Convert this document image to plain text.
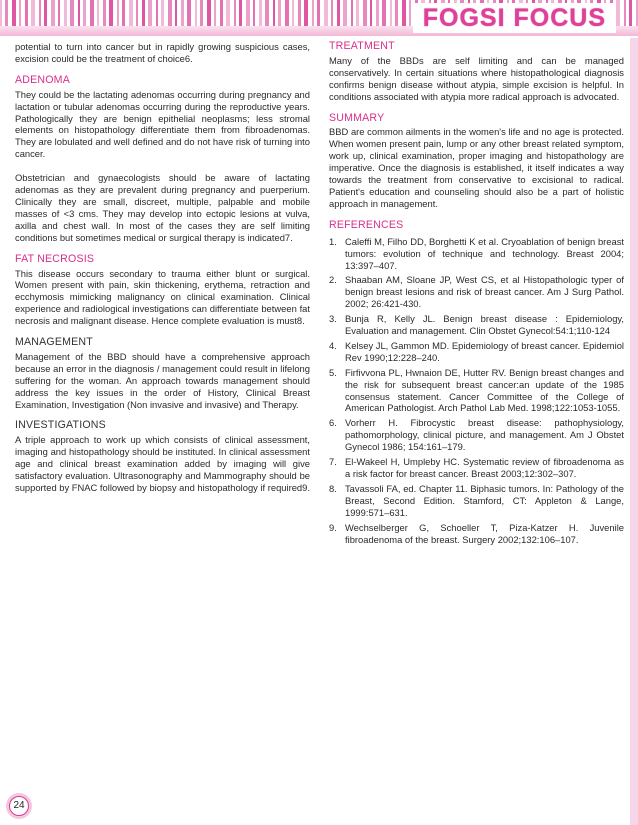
FOGSI FOCUS

potential to turn into cancer but in rapidly growing suspicious cases, excision could be the treatment of choice6.

ADENOMA

They could be the lactating adenomas occurring during pregnancy and lactation or tubular adenomas occurring during the reproductive years. Pathologically they are benign epithelial neoplasms; less stromal elements on histopathology differentiate them from fibroadenomas. They are lobulated and well defined and do not have risk of turning into cancer.

Obstetrician and gynaecologists should be aware of lactating adenomas as they are prevalent during pregnancy and puerperium. Clinically they are small, discreet, multiple, palpable and mobile masses of <3 cms. They may develop into ectopic lesions at vulva, axilla and chest wall. In most of the cases they are self limiting conditions but sometimes medical or surgical therapy is indicated7.

FAT NECROSIS

This disease occurs secondary to trauma either blunt or surgical. Women present with pain, skin thickening, erythema, retraction and ecchymosis mimicking malignancy on clinical examination. Clinical experience and radiological investigations can differentiate between fat necrosis and malignant disease. Hence complete evaluation is must8.

MANAGEMENT

Management of the BBD should have a comprehensive approach because an error in the diagnosis / management could result in lifelong suffering for the woman. An approach towards management should address the key issues in the order of History, Clinical Breast Examination, Investigation (Non invasive and invasive) and Therapy.

INVESTIGATIONS

A triple approach to work up which consists of clinical assessment, imaging and histopathology should be instituted. In clinical assessment age and clinical breast examination added by imaging will give satisfactory evaluation. Ultrasonography and Mammography should be supported by FNAC followed by biopsy and histopathology if required9.

TREATMENT

Many of the BBDs are self limiting and can be managed conservatively. In certain situations where histopathological diagnosis confirms benign disease without atypia, simple excision is helpful. In conditions associated with atypia more radical approach is advocated.

SUMMARY

BBD are common ailments in the women's life and no age is protected. When women present pain, lump or any other breast related symptom, work up, clinical examination, proper imaging and histopathology are imperative. Once the diagnosis is established, it itself indicates a way towards the treatment from conservative to excisional to radical. Patient's education and counseling should also be a part of holistic approach in management.

REFERENCES
1. Caleffi M, Filho DD, Borghetti K et al. Cryoablation of benign breast tumors: evolution of technique and technology. Breast 2004; 13:397–407.

2. Shaaban AM, Sloane JP, West CS, et al Histopathologic typer of benign breast lesions and risk of breast cancer. Am J Surg Pathol. 2002; 26:421-430.

3. Bunja R, Kelly JL. Benign breast disease : Epidemiology, Evaluation and management. Clin Obstet Gynecol:54:1;110-124

4. Kelsey JL, Gammon MD. Epidemiology of breast cancer. Epidemiol Rev 1990;12:228–240.

5. Firfivvona PL, Hwnaion DE, Hutter RV. Benign breast changes and the risk for subsequent breast cancer:an update of the 1985 consensus statement. Cancer Committee of the College of American Pathologist. Arch Pathol Lab Med. 1998;122:1053-1055.

6. Vorherr H. Fibrocystic breast disease: pathophysiology, pathomorphology, clinical picture, and management. Am J Obstet Gynecol 1986; 154:161–179.

7. El-Wakeel H, Umpleby HC. Systematic review of fibroadenoma as a risk factor for breast cancer. Breast 2003;12:302–307.

8. Tavassoli FA, ed. Chapter 11. Biphasic tumors. In: Pathology of the Breast, Second Edition. Stamford, CT: Appleton & Lange, 1999:571–631.

9. Wechselberger G, Schoeller T, Piza-Katzer H. Juvenile fibroadenoma of the breast. Surgery 2002;132:106–107.

24
